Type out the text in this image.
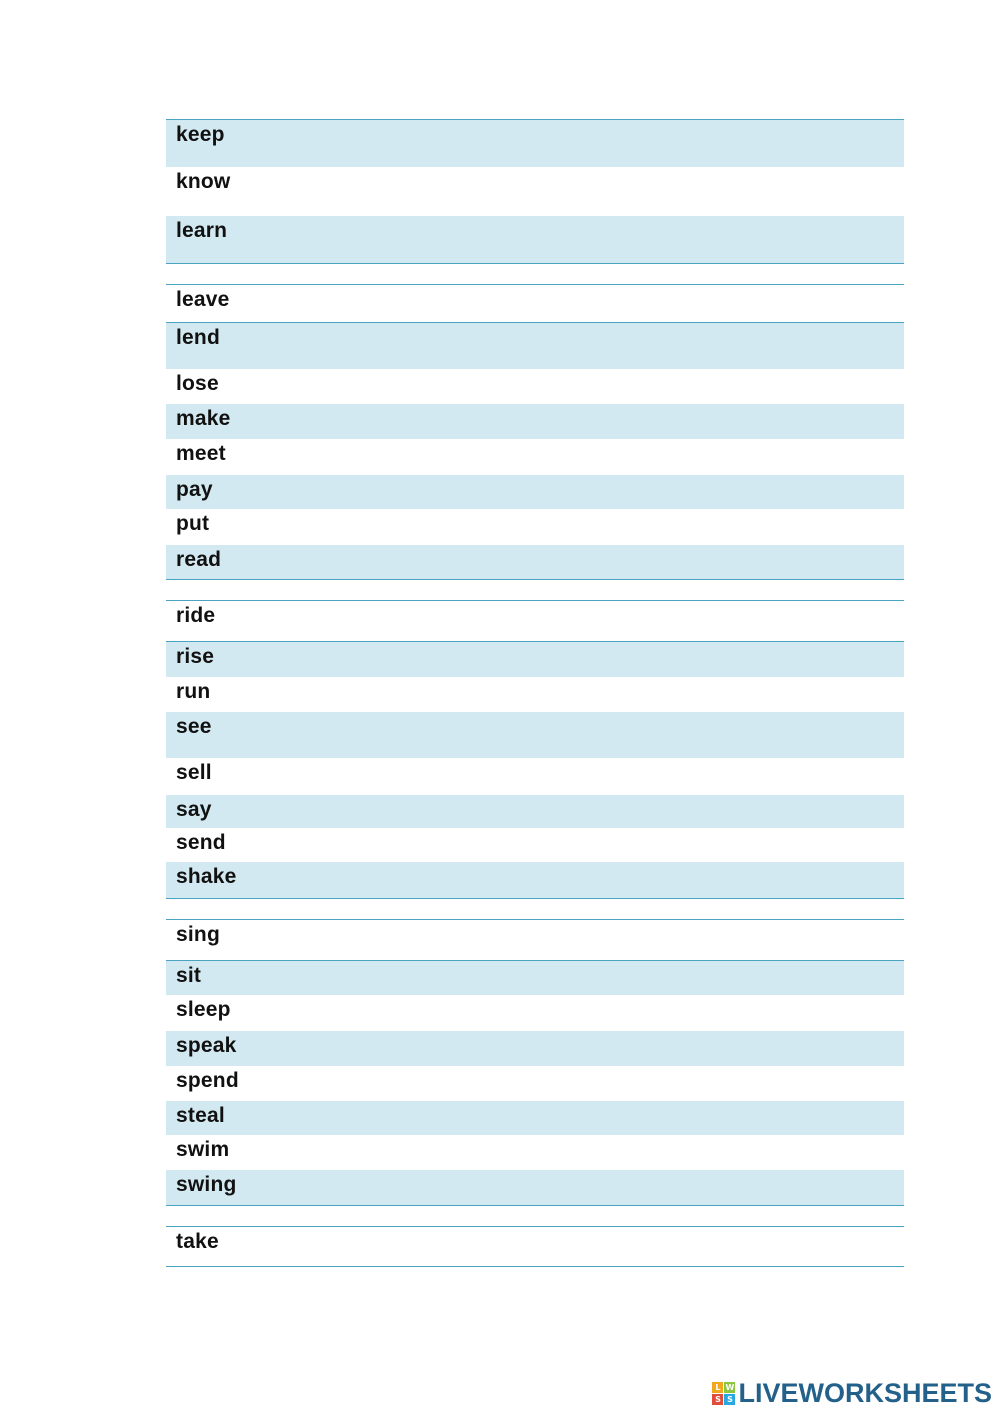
keep
know
learn
leave
lend
lose
make
meet
pay
put
read
ride
rise
run
see
sell
say
send
shake
sing
sit
sleep
speak
spend
steal
swim
swing
take
L W
S S LIVEWORKSHEETS
